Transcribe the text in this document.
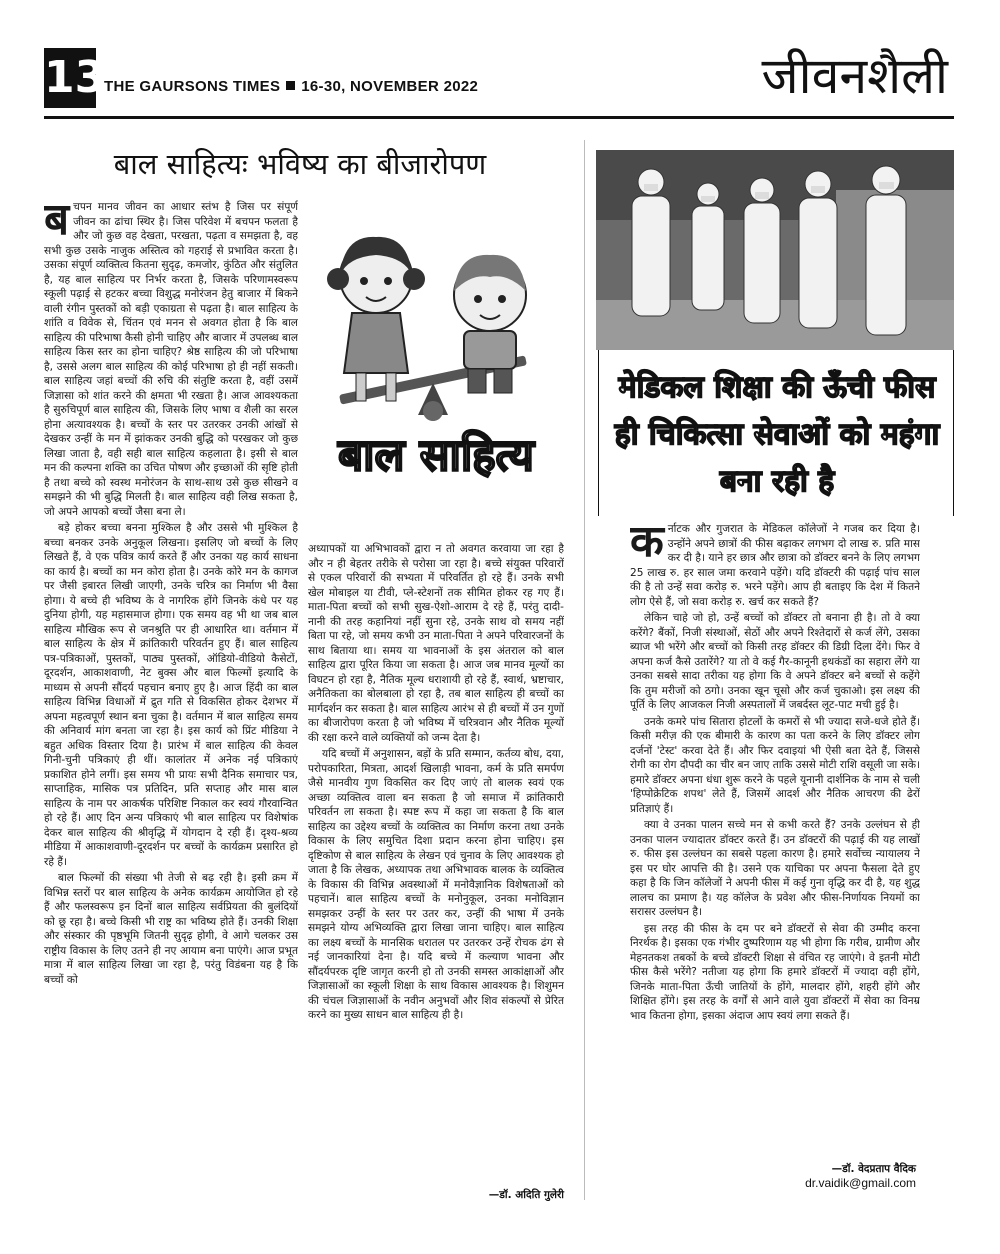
13
THE GAURSONS TIMES 16-30, NOVEMBER 2022	जीवनशैली
बाल साहित्यः भविष्य का बीजारोपण

बचपन मानव जीवन का आधार स्तंभ है जिस पर संपूर्ण जीवन का ढांचा स्थिर है। जिस परिवेश में बचपन फलता है और जो कुछ वह देखता, परखता, पढ़ता व समझता है, वह सभी कुछ उसके नाजुक अस्तित्व को गहराई से प्रभावित करता है। उसका संपूर्ण व्यक्तित्व कितना सुदृढ़, कमजोर, कुंठित और संतुलित है, यह बाल साहित्य पर निर्भर करता है, जिसके परिणामस्वरूप स्कूली पढ़ाई से हटकर बच्चा विशुद्ध मनोरंजन हेतु बाजार में बिकने वाली रंगीन पुस्तकों को बड़ी एकाग्रता से पढ़ता है। बाल साहित्य के शांति व विवेक से, चिंतन एवं मनन से अवगत होता है कि बाल साहित्य की परिभाषा कैसी होनी चाहिए और बाजार में उपलब्ध बाल साहित्य किस स्तर का होना चाहिए? श्रेष्ठ साहित्य की जो परिभाषा है, उससे अलग बाल साहित्य की कोई परिभाषा हो ही नहीं सकती। बाल साहित्य जहां बच्चों की रुचि की संतुष्टि करता है, वहीं उसमें जिज्ञासा को शांत करने की क्षमता भी रखता है। आज आवश्यकता है सुरुचिपूर्ण बाल साहित्य की, जिसके लिए भाषा व शैली का सरल होना अत्यावश्यक है। बच्चों के स्तर पर उतरकर उनकी आंखों से देखकर उन्हीं के मन में झांककर उनकी बुद्धि को परखकर जो कुछ लिखा जाता है, वही सही बाल साहित्य कहलाता है। इसी से बाल मन की कल्पना शक्ति का उचित पोषण और इच्छाओं की सृष्टि होती है तथा बच्चे को स्वस्थ मनोरंजन के साथ-साथ उसे कुछ सीखने व समझने की भी बुद्धि मिलती है। बाल साहित्य वही लिख सकता है, जो अपने आपको बच्चों जैसा बना ले।

बड़े होकर बच्चा बनना मुश्किल है और उससे भी मुश्किल है बच्चा बनकर उनके अनुकूल लिखना। इसलिए जो बच्चों के लिए लिखते हैं, वे एक पवित्र कार्य करते हैं और उनका यह कार्य साधना का कार्य है। बच्चों का मन कोरा होता है। उनके कोरे मन के कागज पर जैसी इबारत लिखी जाएगी, उनके चरित्र का निर्माण भी वैसा होगा। ये बच्चे ही भविष्य के वे नागरिक होंगे जिनके कंधे पर यह दुनिया होगी, यह महासमाज होगा। एक समय वह भी था जब बाल साहित्य मौखिक रूप से जनश्रुति पर ही आधारित था। वर्तमान में बाल साहित्य के क्षेत्र में क्रांतिकारी परिवर्तन हुए हैं। बाल साहित्य पत्र-पत्रिकाओं, पुस्तकों, पाठ्य पुस्तकों, ऑडियो-वीडियो कैसेटों, दूरदर्शन, आकाशवाणी, नेट बुक्स और बाल फिल्मों इत्यादि के माध्यम से अपनी सौंदर्य पहचान बनाए हुए है। आज हिंदी का बाल साहित्य विभिन्न विधाओं में द्रुत गति से विकसित होकर देशभर में अपना महत्वपूर्ण स्थान बना चुका है। वर्तमान में बाल साहित्य समय की अनिवार्य मांग बनता जा रहा है। इस कार्य को प्रिंट मीडिया ने बहुत अधिक विस्तार दिया है। प्रारंभ में बाल साहित्य की केवल गिनी-चुनी पत्रिकाएं ही थीं। कालांतर में अनेक नई पत्रिकाएं प्रकाशित होने लगीं। इस समय भी प्रायः सभी दैनिक समाचार पत्र, साप्ताहिक, मासिक पत्र प्रतिदिन, प्रति सप्ताह और मास बाल साहित्य के नाम पर आकर्षक परिशिष्ट निकाल कर स्वयं गौरवान्वित हो रहे हैं। आए दिन अन्य पत्रिकाएं भी बाल साहित्य पर विशेषांक देकर बाल साहित्य की श्रीवृद्धि में योगदान दे रही हैं। दृश्य-श्रव्य मीडिया में आकाशवाणी-दूरदर्शन पर बच्चों के कार्यक्रम प्रसारित हो रहे हैं।

बाल फिल्मों की संख्या भी तेजी से बढ़ रही है। इसी क्रम में विभिन्न स्तरों पर बाल साहित्य के अनेक कार्यक्रम आयोजित हो रहे हैं और फलस्वरूप इन दिनों बाल साहित्य सर्वप्रियता की बुलंदियों को छू रहा है। बच्चे किसी भी राष्ट्र का भविष्य होते हैं। उनकी शिक्षा और संस्कार की पृष्ठभूमि जितनी सुदृढ़ होगी, वे आगे चलकर उस राष्ट्रीय विकास के लिए उतने ही नए आयाम बना पाएंगे। आज प्रभूत मात्रा में बाल साहित्य लिखा जा रहा है, परंतु विडंबना यह है कि बच्चों को

बाल साहित्य

अध्यापकों या अभिभावकों द्वारा न तो अवगत करवाया जा रहा है और न ही बेहतर तरीके से परोसा जा रहा है। बच्चे संयुक्त परिवारों से एकल परिवारों की सभ्यता में परिवर्तित हो रहे हैं। उनके सभी खेल मोबाइल या टीवी, प्ले-स्टेशनों तक सीमित होकर रह गए हैं। माता-पिता बच्चों को सभी सुख-ऐशो-आराम दे रहे हैं, परंतु दादी-नानी की तरह कहानियां नहीं सुना रहे, उनके साथ वो समय नहीं बिता पा रहे, जो समय कभी उन माता-पिता ने अपने परिवारजनों के साथ बिताया था। समय या भावनाओं के इस अंतराल को बाल साहित्य द्वारा पूरित किया जा सकता है। आज जब मानव मूल्यों का विघटन हो रहा है, नैतिक मूल्य धराशायी हो रहे हैं, स्वार्थ, भ्रष्टाचार, अनैतिकता का बोलबाला हो रहा है, तब बाल साहित्य ही बच्चों का मार्गदर्शन कर सकता है। बाल साहित्य आरंभ से ही बच्चों में उन गुणों का बीजारोपण करता है जो भविष्य में चरित्रवान और नैतिक मूल्यों की रक्षा करने वाले व्यक्तियों को जन्म देता है।

यदि बच्चों में अनुशासन, बड़ों के प्रति सम्मान, कर्तव्य बोध, दया, परोपकारिता, मित्रता, आदर्श खिलाड़ी भावना, कर्म के प्रति समर्पण जैसे मानवीय गुण विकसित कर दिए जाएं तो बालक स्वयं एक अच्छा व्यक्तित्व वाला बन सकता है जो समाज में क्रांतिकारी परिवर्तन ला सकता है। स्पष्ट रूप में कहा जा सकता है कि बाल साहित्य का उद्देश्य बच्चों के व्यक्तित्व का निर्माण करना तथा उनके विकास के लिए समुचित दिशा प्रदान करना होना चाहिए। इस दृष्टिकोण से बाल साहित्य के लेखन एवं चुनाव के लिए आवश्यक हो जाता है कि लेखक, अध्यापक तथा अभिभावक बालक के व्यक्तित्व के विकास की विभिन्न अवस्थाओं में मनोवैज्ञानिक विशेषताओं को पहचानें। बाल साहित्य बच्चों के मनोनुकूल, उनका मनोविज्ञान समझकर उन्हीं के स्तर पर उतर कर, उन्हीं की भाषा में उनके समझने योग्य अभिव्यक्ति द्वारा लिखा जाना चाहिए। बाल साहित्य का लक्ष्य बच्चों के मानसिक धरातल पर उतरकर उन्हें रोचक ढंग से नई जानकारियां देना है। यदि बच्चे में कल्याण भावना और सौंदर्यपरक दृष्टि जागृत करनी हो तो उनकी समस्त आकांक्षाओं और जिज्ञासाओं का स्कूली शिक्षा के साथ विकास आवश्यक है। शिशुमन की चंचल जिज्ञासाओं के नवीन अनुभवों और शिव संकल्पों से प्रेरित करने का मुख्य साधन बाल साहित्य ही है।

—डॉ. अदिति गुलेरी
मेडिकल शिक्षा की ऊँची फीस ही चिकित्सा सेवाओं को महंगा बना रही है

कर्नाटक और गुजरात के मेडिकल कॉलेजों ने गजब कर दिया है। उन्होंने अपने छात्रों की फीस बढ़ाकर लगभग दो लाख रु. प्रति मास कर दी है। याने हर छात्र और छात्रा को डॉक्टर बनने के लिए लगभग 25 लाख रु. हर साल जमा करवाने पड़ेंगे। यदि डॉक्टरी की पढ़ाई पांच साल की है तो उन्हें सवा करोड़ रु. भरने पड़ेंगे। आप ही बताइए कि देश में कितने लोग ऐसे हैं, जो सवा करोड़ रु. खर्च कर सकते हैं?

लेकिन चाहे जो हो, उन्हें बच्चों को डॉक्टर तो बनाना ही है। तो वे क्या करेंगे? बैंकों, निजी संस्थाओं, सेठों और अपने रिश्तेदारों से कर्ज लेंगे, उसका ब्याज भी भरेंगे और बच्चों को किसी तरह डॉक्टर की डिग्री दिला देंगे। फिर वे अपना कर्ज कैसे उतारेंगे? या तो वे कई गैर-कानूनी हथकंडों का सहारा लेंगे या उनका सबसे सादा तरीका यह होगा कि वे अपने डॉक्टर बने बच्चों से कहेंगे कि तुम मरीजों को ठगो। उनका खून चूसो और कर्ज चुकाओ। इस लक्ष्य की पूर्ति के लिए आजकल निजी अस्पतालों में जबर्दस्त लूट-पाट मची हुई है।

उनके कमरे पांच सितारा होटलों के कमरों से भी ज्यादा सजे-धजे होते हैं। किसी मरीज़ की एक बीमारी के कारण का पता करने के लिए डॉक्टर लोग दर्जनों 'टेस्ट' करवा देते हैं। और फिर दवाइयां भी ऐसी बता देते हैं, जिससे रोगी का रोग दौपदी का चीर बन जाए ताकि उससे मोटी राशि वसूली जा सके। हमारे डॉक्टर अपना धंधा शुरू करने के पहले यूनानी दार्शनिक के नाम से चली 'हिप्पोक्रेटिक शपथ' लेते हैं, जिसमें आदर्श और नैतिक आचरण की ढेरों प्रतिज्ञाएं हैं।

क्या वे उनका पालन सच्चे मन से कभी करते हैं? उनके उल्लंघन से ही उनका पालन ज्यादातर डॉक्टर करते हैं। उन डॉक्टरों की पढ़ाई की यह लाखों रु. फीस इस उल्लंघन का सबसे पहला कारण है। हमारे सर्वोच्च न्यायालय ने इस पर घोर आपत्ति की है। उसने एक याचिका पर अपना फैसला देते हुए कहा है कि जिन कॉलेजों ने अपनी फीस में कई गुना वृद्धि कर दी है, यह शुद्ध लालच का प्रमाण है। यह कॉलेज के प्रवेश और फीस-निर्णायक नियमों का सरासर उल्लंघन है।

इस तरह की फीस के दम पर बने डॉक्टरों से सेवा की उम्मीद करना निरर्थक है। इसका एक गंभीर दुष्परिणाम यह भी होगा कि गरीब, ग्रामीण और मेहनतकश तबकों के बच्चे डॉक्टरी शिक्षा से वंचित रह जाएंगे। वे इतनी मोटी फीस कैसे भरेंगे? नतीजा यह होगा कि हमारे डॉक्टरों में ज्यादा वही होंगे, जिनके माता-पिता ऊँची जातियों के होंगे, मालदार होंगे, शहरी होंगे और शिक्षित होंगे। इस तरह के वर्गों से आने वाले युवा डॉक्टरों में सेवा का विनम्र भाव कितना होगा, इसका अंदाज आप स्वयं लगा सकते हैं।

—डॉ. वेदप्रताप वैदिक
dr.vaidik@gmail.com
